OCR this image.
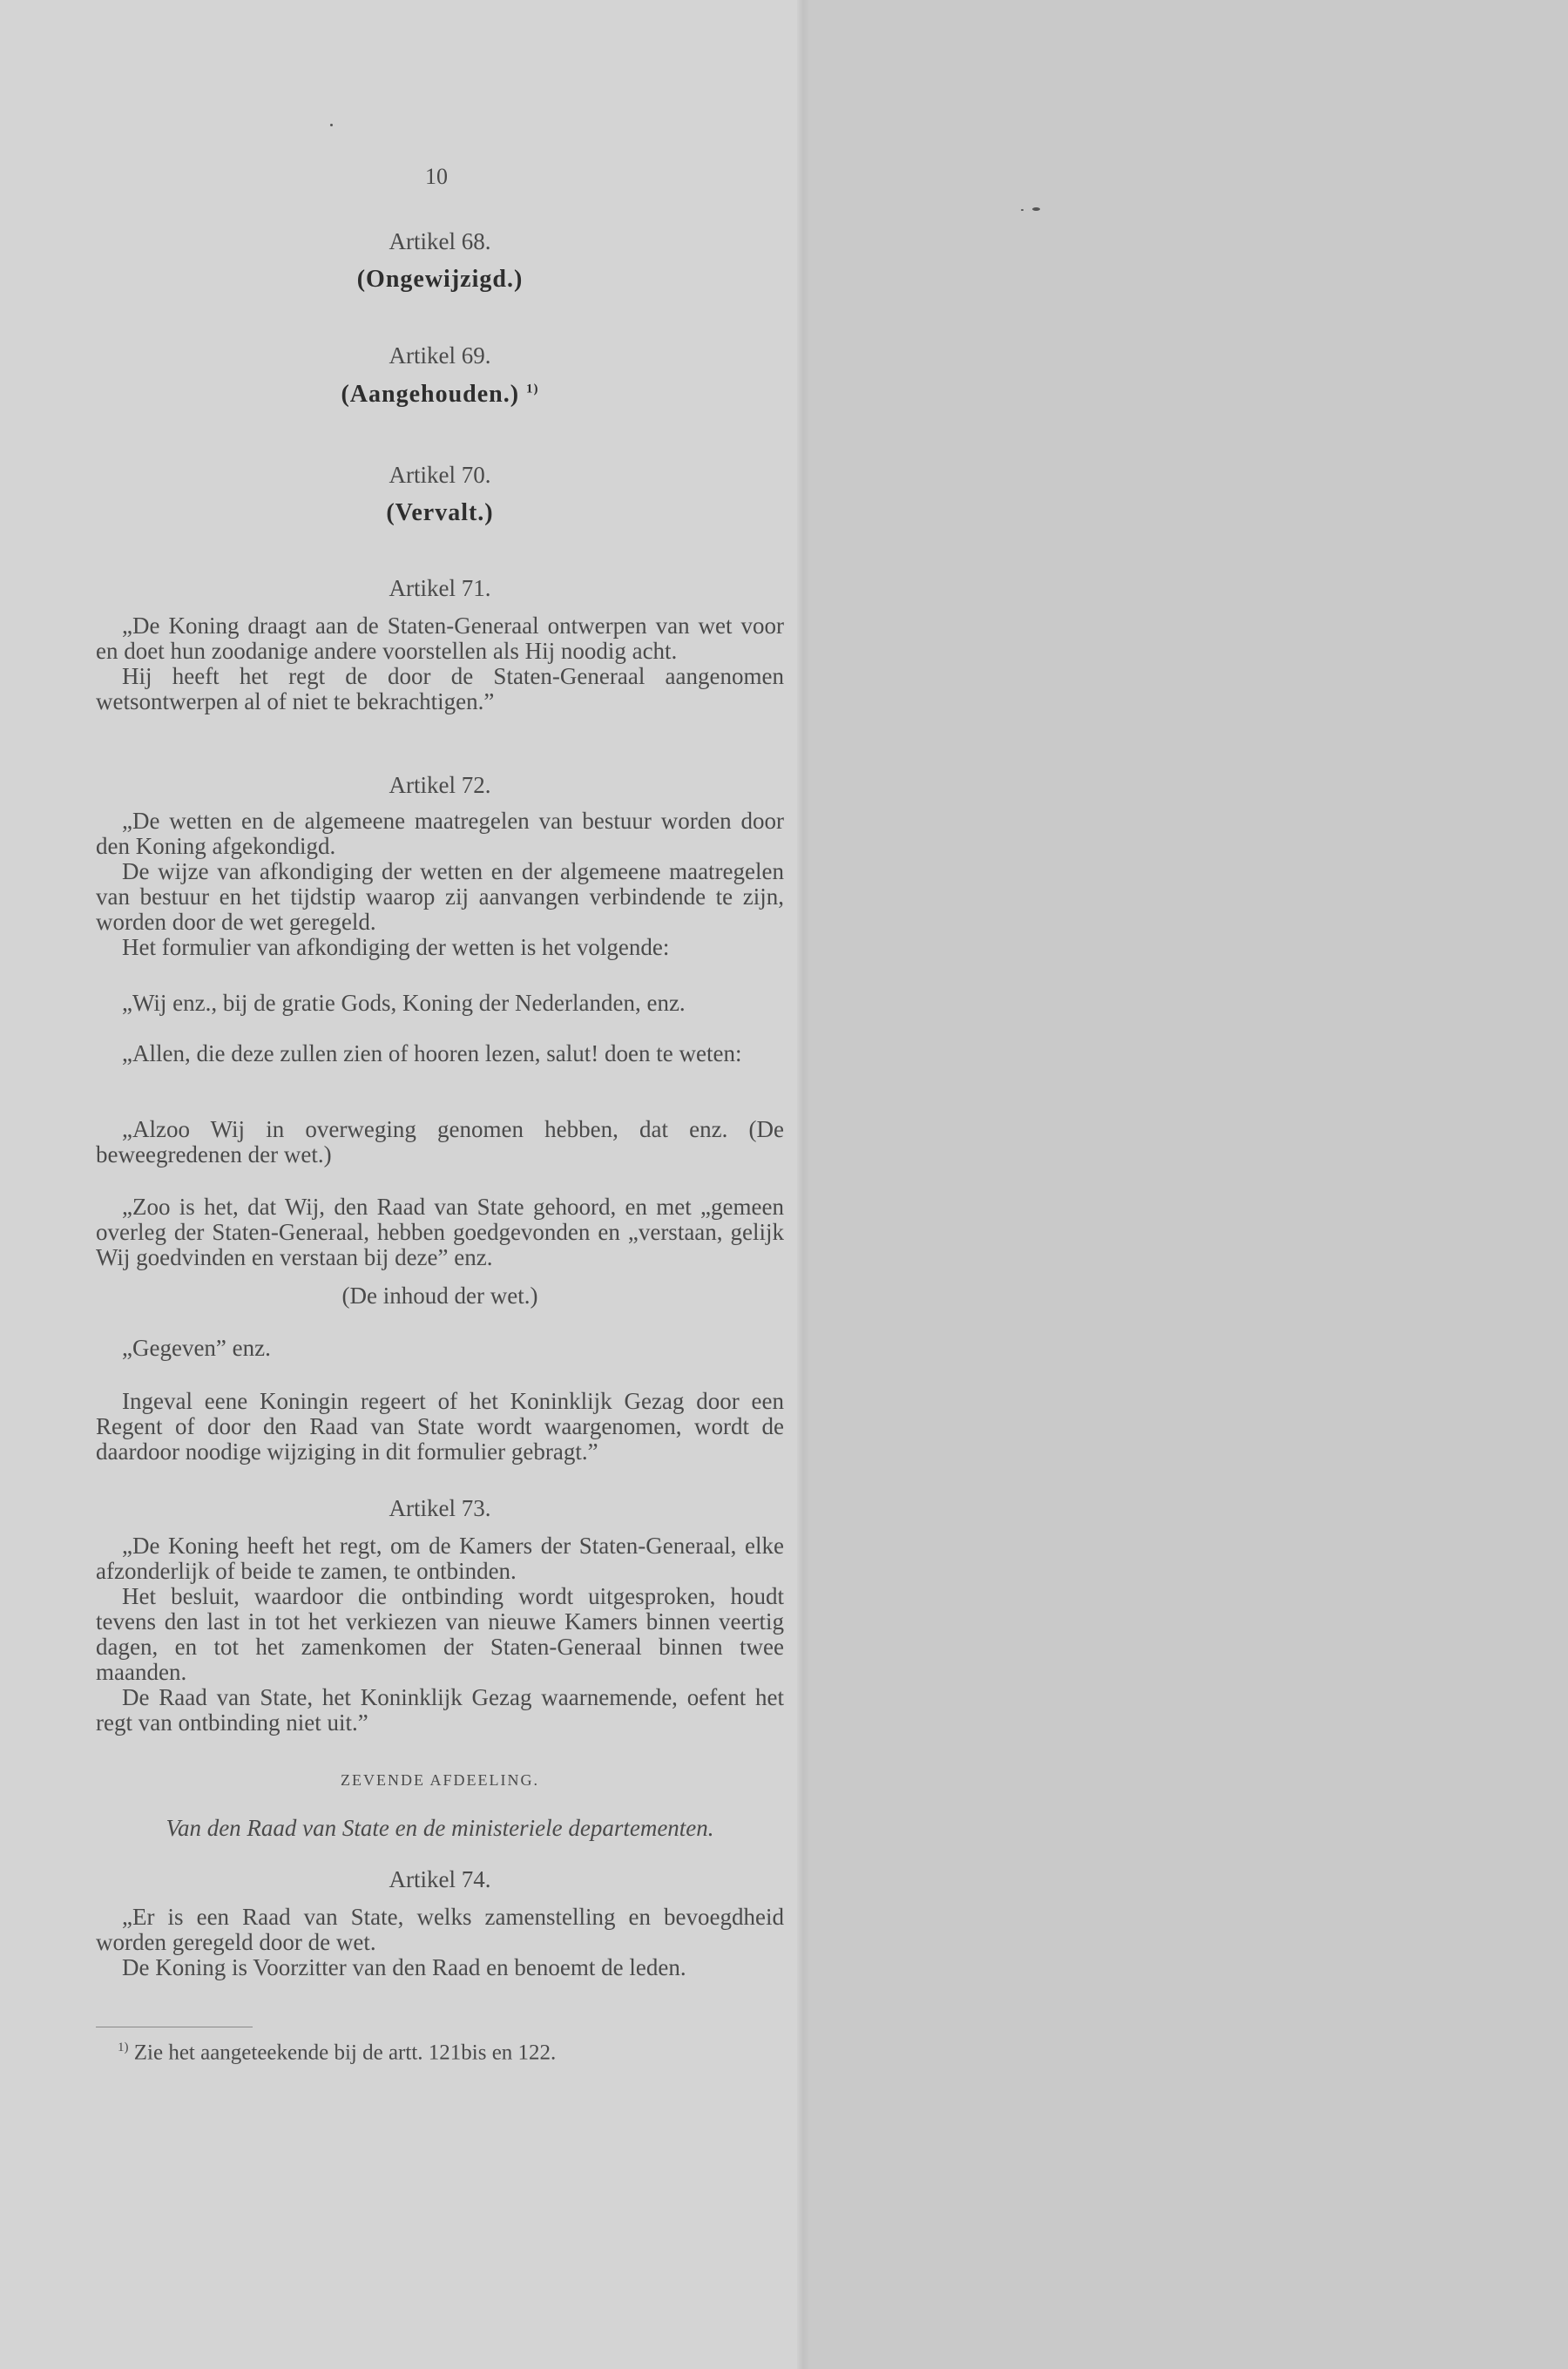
10
Artikel 68.
(Ongewijzigd.)
Artikel 69.
(Aangehouden.) $^{1)}$
Artikel 70.
(Vervalt.)
Artikel 71.

„De Koning draagt aan de Staten-Generaal ontwerpen van wet voor en doet hun zoodanige andere voorstellen als Hij noodig acht.

Hij heeft het regt de door de Staten-Generaal aangenomen wetsontwerpen al of niet te bekrachtigen.”

Artikel 72.

„De wetten en de algemeene maatregelen van bestuur worden door den Koning afgekondigd.

De wijze van afkondiging der wetten en der algemeene maatregelen van bestuur en het tijdstip waarop zij aanvangen verbindende te zijn, worden door de wet geregeld.

Het formulier van afkondiging der wetten is het volgende:

„Wij enz., bij de gratie Gods, Koning der Nederlanden, enz.

„Allen, die deze zullen zien of hooren lezen, salut! doen te weten:

„Alzoo Wij in overweging genomen hebben, dat enz. (De beweegredenen der wet.)

„Zoo is het, dat Wij, den Raad van State gehoord, en met „gemeen overleg der Staten-Generaal, hebben goedgevonden en „verstaan, gelijk Wij goedvinden en verstaan bij deze” enz.

(De inhoud der wet.)

„Gegeven” enz.

Ingeval eene Koningin regeert of het Koninklijk Gezag door een Regent of door den Raad van State wordt waargenomen, wordt de daardoor noodige wijziging in dit formulier gebragt.”

Artikel 73.

„De Koning heeft het regt, om de Kamers der Staten-Generaal, elke afzonderlijk of beide te zamen, te ontbinden.

Het besluit, waardoor die ontbinding wordt uitgesproken, houdt tevens den last in tot het verkiezen van nieuwe Kamers binnen veertig dagen, en tot het zamenkomen der Staten-Generaal binnen twee maanden.

De Raad van State, het Koninklijk Gezag waarnemende, oefent het regt van ontbinding niet uit.”

ZEVENDE AFDEELING.
Van den Raad van State en de ministeriele departementen.
Artikel 74.

„Er is een Raad van State, welks zamenstelling en bevoegdheid worden geregeld door de wet.

De Koning is Voorzitter van den Raad en benoemt de leden.

$^{1)}$ Zie het aangeteekende bij de artt. 121bis en 122.
